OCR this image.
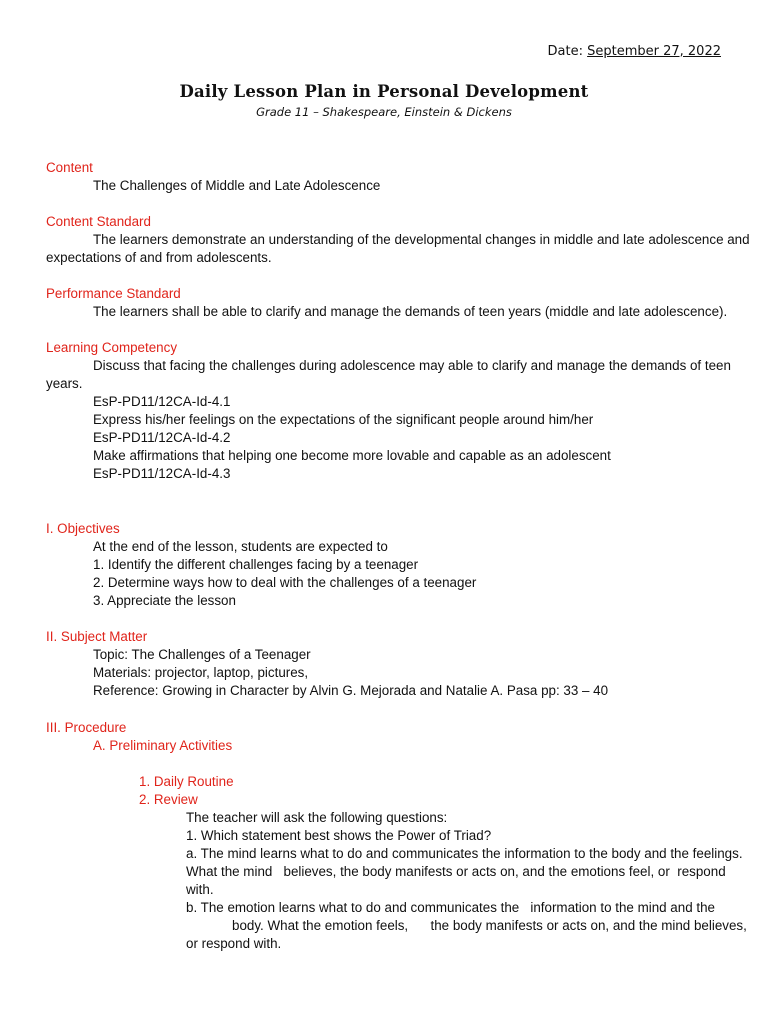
Date: September 27, 2022
Daily Lesson Plan in Personal Development
Grade 11 – Shakespeare, Einstein & Dickens
Content
The Challenges of Middle and Late Adolescence
Content Standard
The learners demonstrate an understanding of the developmental changes in middle and late adolescence and
expectations of and from adolescents.
Performance Standard
The learners shall be able to clarify and manage the demands of teen years (middle and late adolescence).
Learning Competency
Discuss that facing the challenges during adolescence may able to clarify and manage the demands of teen
years.
EsP-PD11/12CA-Id-4.1
Express his/her feelings on the expectations of the significant people around him/her
EsP-PD11/12CA-Id-4.2
Make affirmations that helping one become more lovable and capable as an adolescent
EsP-PD11/12CA-Id-4.3
I. Objectives
At the end of the lesson, students are expected to
1. Identify the different challenges facing by a teenager
2. Determine ways how to deal with the challenges of a teenager
3. Appreciate the lesson
II. Subject Matter
Topic: The Challenges of a Teenager
Materials: projector, laptop, pictures,
Reference: Growing in Character by Alvin G. Mejorada and Natalie A. Pasa pp: 33 – 40
III. Procedure
A. Preliminary Activities
1. Daily Routine
2. Review
The teacher will ask the following questions:
1. Which statement best shows the Power of Triad?
a. The mind learns what to do and communicates the information to the body and the feelings.
What the mind   believes, the body manifests or acts on, and the emotions feel, or  respond
with.
b. The emotion learns what to do and communicates the   information to the mind and the
body. What the emotion feels,      the body manifests or acts on, and the mind believes,
or respond with.
